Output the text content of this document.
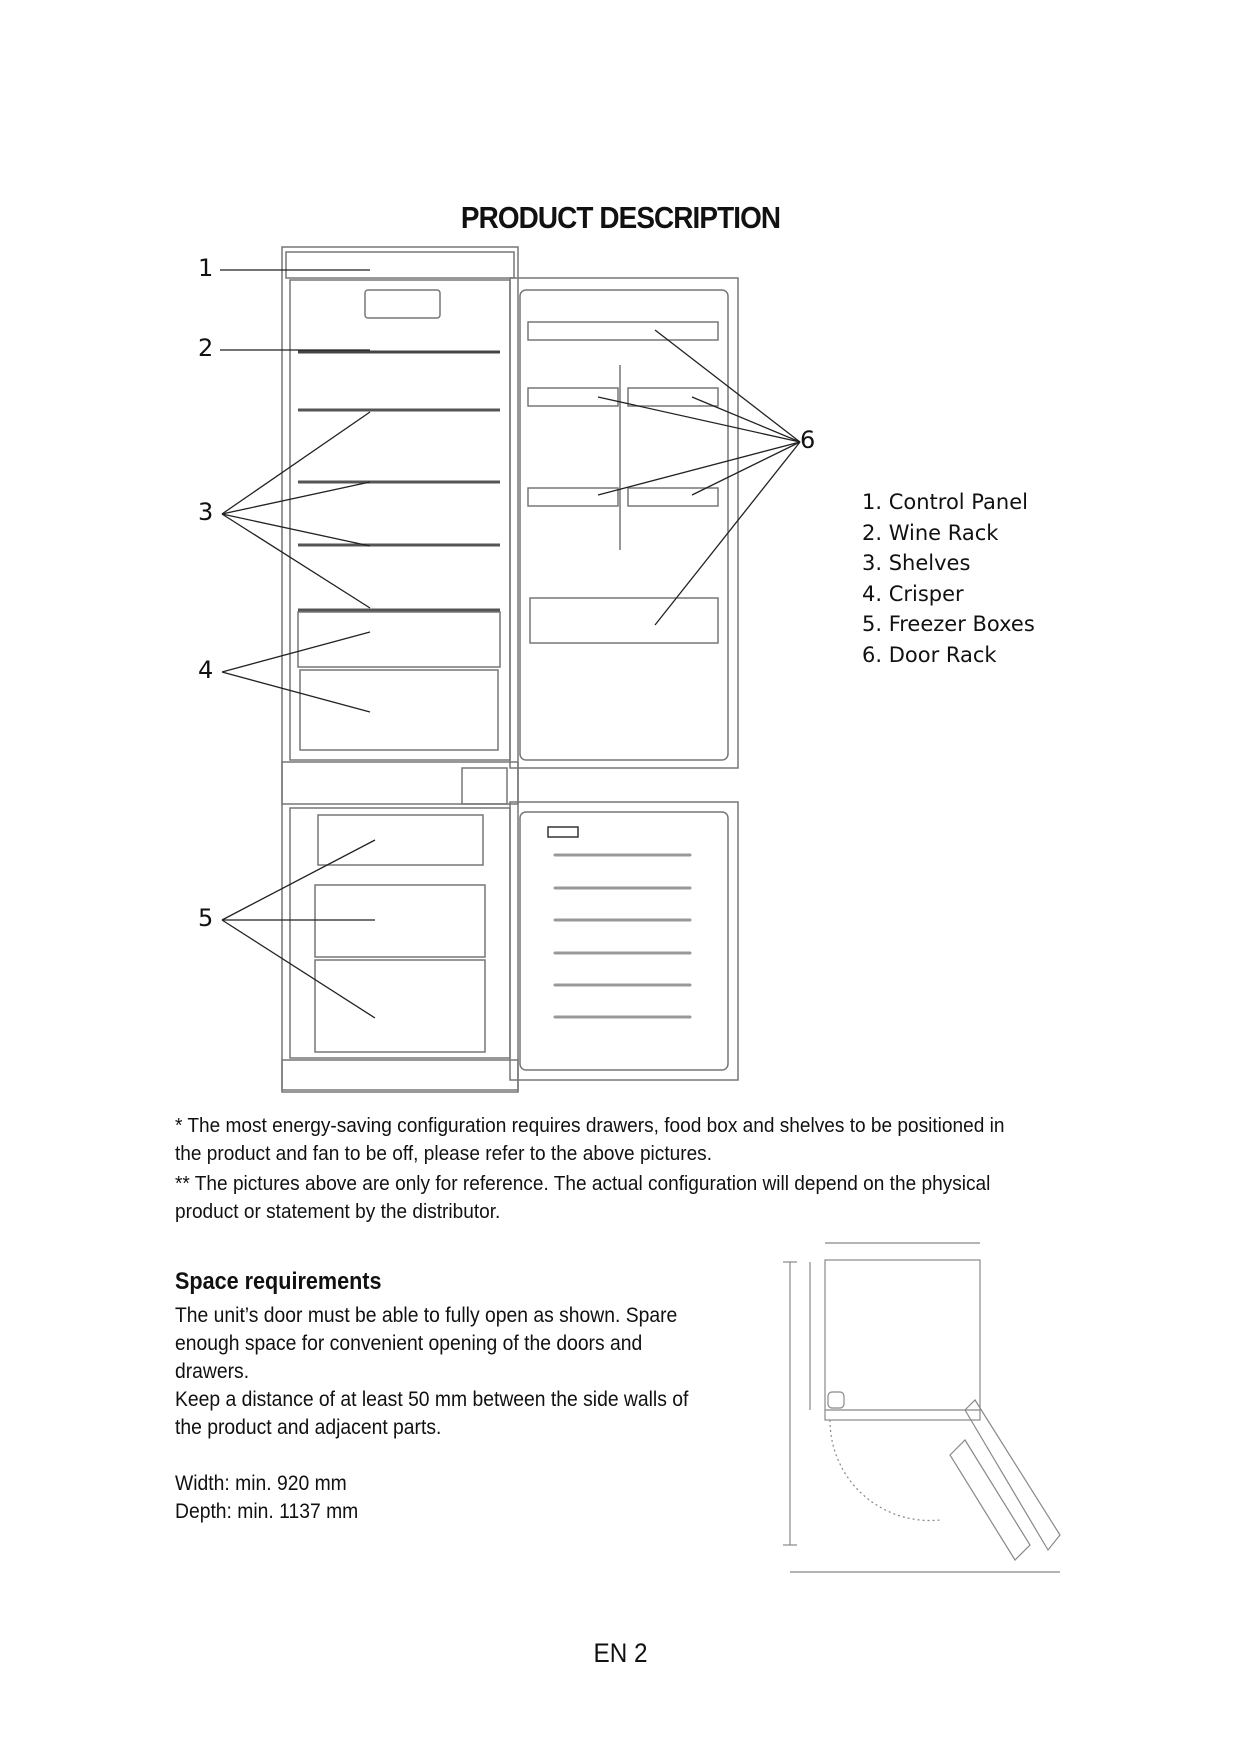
PRODUCT DESCRIPTION
1
2
3
4
5
6
1. Control Panel
2. Wine Rack
3. Shelves
4. Crisper
5. Freezer Boxes
6. Door Rack
* The most energy-saving configuration requires drawers, food box and shelves to be positioned in the product and fan to be off, please refer to the above pictures.
** The pictures above are only for reference. The actual configuration will depend on the physical product or statement by the distributor.
Space requirements

The unit’s door must be able to fully open as shown. Spare enough space for convenient opening of the doors and drawers.

Keep a distance of at least 50 mm between the side walls of the product and adjacent parts.

Width: min. 920 mm
Depth: min. 1137 mm
EN 2
